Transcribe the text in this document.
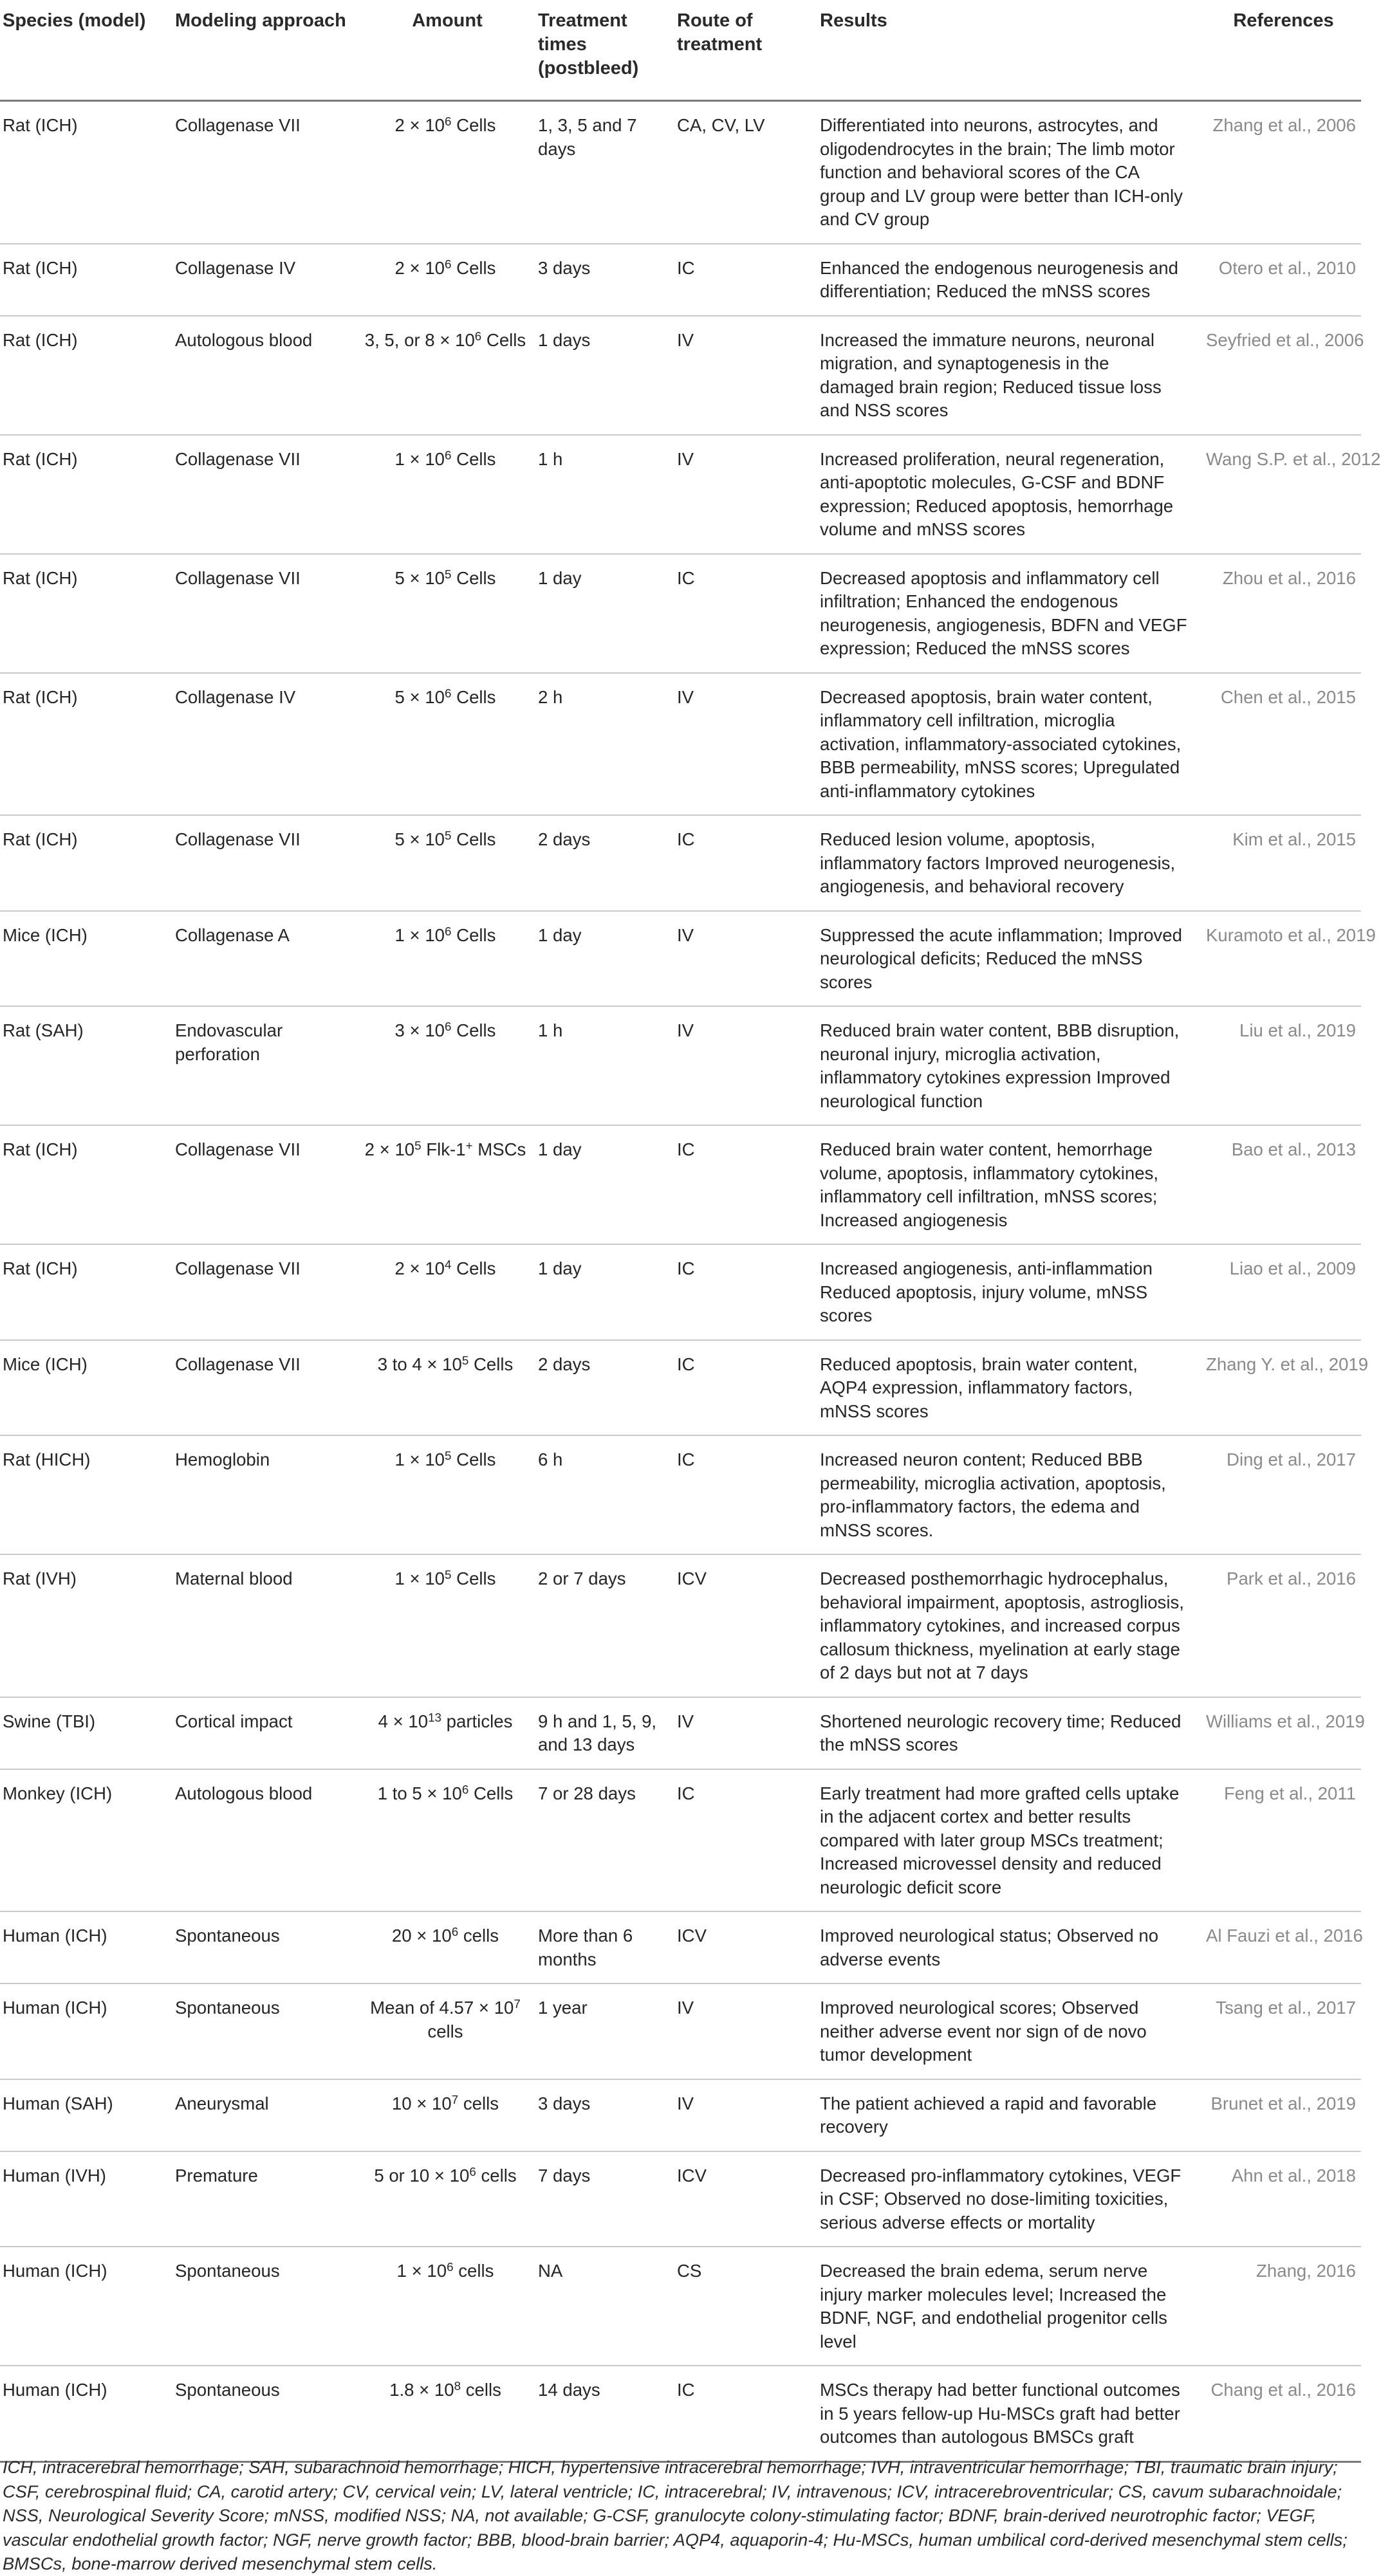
Species (model)	Modeling approach	Amount	Treatment times (postbleed)	Route of treatment	Results	References
Rat (ICH)	Collagenase VII	$2 \times 10^6$ Cells	1, 3, 5 and 7 days	CA, CV, LV	Differentiated into neurons, astrocytes, and oligodendrocytes in the brain; The limb motor function and behavioral scores of the CA group and LV group were better than ICH-only and CV group	Zhang et al., 2006
Rat (ICH)	Collagenase IV	$2 \times 10^6$ Cells	3 days	IC	Enhanced the endogenous neurogenesis and differentiation; Reduced the mNSS scores	Otero et al., 2010
Rat (ICH)	Autologous blood	3, 5, or $8 \times 10^6$ Cells	1 days	IV	Increased the immature neurons, neuronal migration, and synaptogenesis in the damaged brain region; Reduced tissue loss and NSS scores	Seyfried et al., 2006
Rat (ICH)	Collagenase VII	$1 \times 10^6$ Cells	1 h	IV	Increased proliferation, neural regeneration, anti-apoptotic molecules, G-CSF and BDNF expression; Reduced apoptosis, hemorrhage volume and mNSS scores	Wang S.P. et al., 2012
Rat (ICH)	Collagenase VII	$5 \times 10^5$ Cells	1 day	IC	Decreased apoptosis and inflammatory cell infiltration; Enhanced the endogenous neurogenesis, angiogenesis, BDFN and VEGF expression; Reduced the mNSS scores	Zhou et al., 2016
Rat (ICH)	Collagenase IV	$5 \times 10^6$ Cells	2 h	IV	Decreased apoptosis, brain water content, inflammatory cell infiltration, microglia activation, inflammatory-associated cytokines, BBB permeability, mNSS scores; Upregulated anti-inflammatory cytokines	Chen et al., 2015
Rat (ICH)	Collagenase VII	$5 \times 10^5$ Cells	2 days	IC	Reduced lesion volume, apoptosis, inflammatory factors Improved neurogenesis, angiogenesis, and behavioral recovery	Kim et al., 2015
Mice (ICH)	Collagenase A	$1 \times 10^6$ Cells	1 day	IV	Suppressed the acute inflammation; Improved neurological deficits; Reduced the mNSS scores	Kuramoto et al., 2019
Rat (SAH)	Endovascular perforation	$3 \times 10^6$ Cells	1 h	IV	Reduced brain water content, BBB disruption, neuronal injury, microglia activation, inflammatory cytokines expression Improved neurological function	Liu et al., 2019
Rat (ICH)	Collagenase VII	$2 \times 10^5$ Flk-1+ MSCs	1 day	IC	Reduced brain water content, hemorrhage volume, apoptosis, inflammatory cytokines, inflammatory cell infiltration, mNSS scores; Increased angiogenesis	Bao et al., 2013
Rat (ICH)	Collagenase VII	$2 \times 10^4$ Cells	1 day	IC	Increased angiogenesis, anti-inflammation Reduced apoptosis, injury volume, mNSS scores	Liao et al., 2009
Mice (ICH)	Collagenase VII	3 to $4 \times 10^5$ Cells	2 days	IC	Reduced apoptosis, brain water content, AQP4 expression, inflammatory factors, mNSS scores	Zhang Y. et al., 2019
Rat (HICH)	Hemoglobin	$1 \times 10^5$ Cells	6 h	IC	Increased neuron content; Reduced BBB permeability, microglia activation, apoptosis, pro-inflammatory factors, the edema and mNSS scores.	Ding et al., 2017
Rat (IVH)	Maternal blood	$1 \times 10^5$ Cells	2 or 7 days	ICV	Decreased posthemorrhagic hydrocephalus, behavioral impairment, apoptosis, astrogliosis, inflammatory cytokines, and increased corpus callosum thickness, myelination at early stage of 2 days but not at 7 days	Park et al., 2016
Swine (TBI)	Cortical impact	$4 \times 10^{13}$ particles	9 h and 1, 5, 9, and 13 days	IV	Shortened neurologic recovery time; Reduced the mNSS scores	Williams et al., 2019
Monkey (ICH)	Autologous blood	1 to $5 \times 10^6$ Cells	7 or 28 days	IC	Early treatment had more grafted cells uptake in the adjacent cortex and better results compared with later group MSCs treatment; Increased microvessel density and reduced neurologic deficit score	Feng et al., 2011
Human (ICH)	Spontaneous	$20 \times 10^6$ cells	More than 6 months	ICV	Improved neurological status; Observed no adverse events	Al Fauzi et al., 2016
Human (ICH)	Spontaneous	Mean of $4.57 \times 10^7$ cells	1 year	IV	Improved neurological scores; Observed neither adverse event nor sign of de novo tumor development	Tsang et al., 2017
Human (SAH)	Aneurysmal	$10 \times 10^7$ cells	3 days	IV	The patient achieved a rapid and favorable recovery	Brunet et al., 2019
Human (IVH)	Premature	5 or $10 \times 10^6$ cells	7 days	ICV	Decreased pro-inflammatory cytokines, VEGF in CSF; Observed no dose-limiting toxicities, serious adverse effects or mortality	Ahn et al., 2018
Human (ICH)	Spontaneous	$1 \times 10^6$ cells	NA	CS	Decreased the brain edema, serum nerve injury marker molecules level; Increased the BDNF, NGF, and endothelial progenitor cells level	Zhang, 2016
Human (ICH)	Spontaneous	$1.8 \times 10^8$ cells	14 days	IC	MSCs therapy had better functional outcomes in 5 years fellow-up Hu-MSCs graft had better outcomes than autologous BMSCs graft	Chang et al., 2016
ICH, intracerebral hemorrhage; SAH, subarachnoid hemorrhage; HICH, hypertensive intracerebral hemorrhage; IVH, intraventricular hemorrhage; TBI, traumatic brain injury; CSF, cerebrospinal fluid; CA, carotid artery; CV, cervical vein; LV, lateral ventricle; IC, intracerebral; IV, intravenous; ICV, intracerebroventricular; CS, cavum subarachnoidale; NSS, Neurological Severity Score; mNSS, modified NSS; NA, not available; G-CSF, granulocyte colony-stimulating factor; BDNF, brain-derived neurotrophic factor; VEGF, vascular endothelial growth factor; NGF, nerve growth factor; BBB, blood-brain barrier; AQP4, aquaporin-4; Hu-MSCs, human umbilical cord-derived mesenchymal stem cells; BMSCs, bone-marrow derived mesenchymal stem cells.
